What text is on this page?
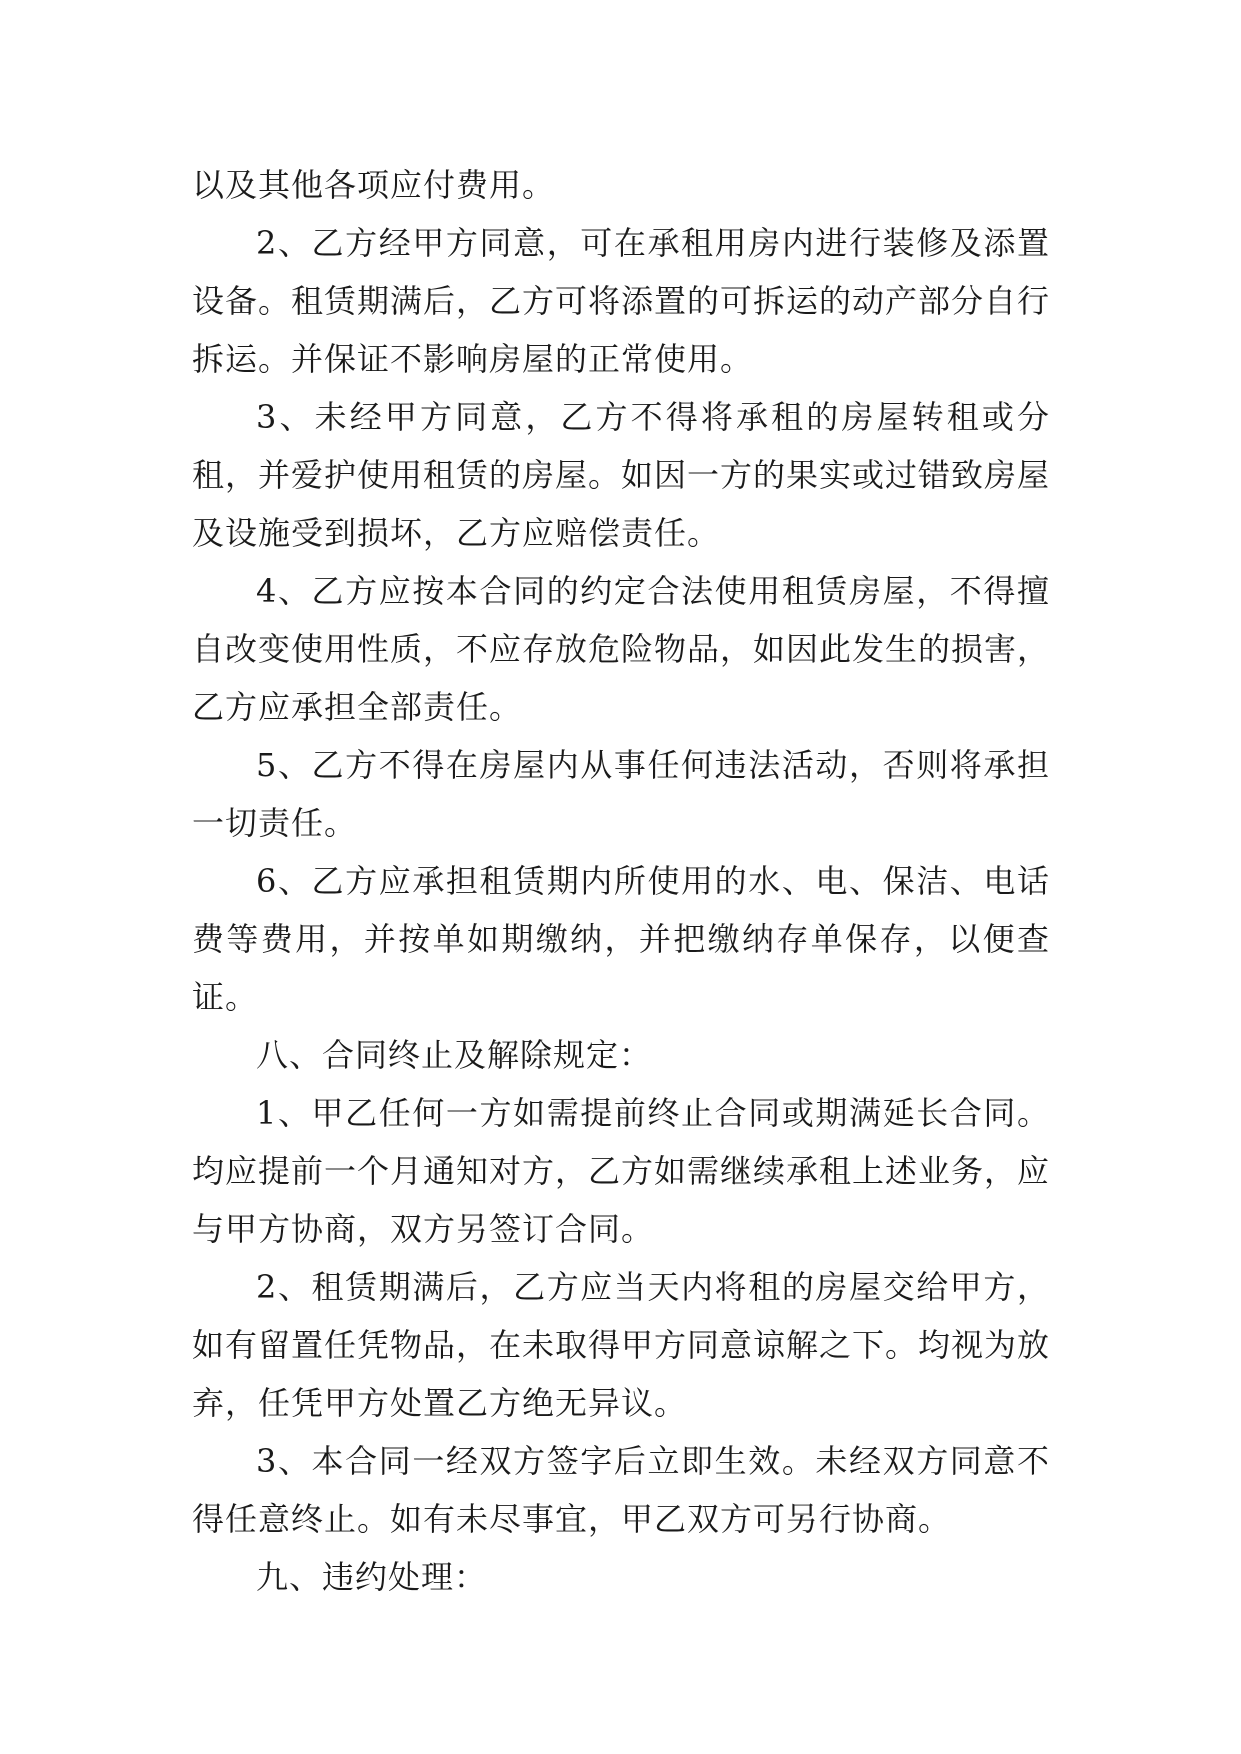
以及其他各项应付费用。

2、乙方经甲方同意，可在承租用房内进行装修及添置设备。租赁期满后，乙方可将添置的可拆运的动产部分自行拆运。并保证不影响房屋的正常使用。

3、未经甲方同意，乙方不得将承租的房屋转租或分租，并爱护使用租赁的房屋。如因一方的果实或过错致房屋及设施受到损坏，乙方应赔偿责任。

4、乙方应按本合同的约定合法使用租赁房屋，不得擅自改变使用性质，不应存放危险物品，如因此发生的损害，乙方应承担全部责任。

5、乙方不得在房屋内从事任何违法活动，否则将承担一切责任。

6、乙方应承担租赁期内所使用的水、电、保洁、电话费等费用，并按单如期缴纳，并把缴纳存单保存，以便查证。

八、合同终止及解除规定：

1、甲乙任何一方如需提前终止合同或期满延长合同。均应提前一个月通知对方，乙方如需继续承租上述业务，应与甲方协商，双方另签订合同。

2、租赁期满后，乙方应当天内将租的房屋交给甲方，如有留置任凭物品，在未取得甲方同意谅解之下。均视为放弃，任凭甲方处置乙方绝无异议。

3、本合同一经双方签字后立即生效。未经双方同意不得任意终止。如有未尽事宜，甲乙双方可另行协商。

九、违约处理：
